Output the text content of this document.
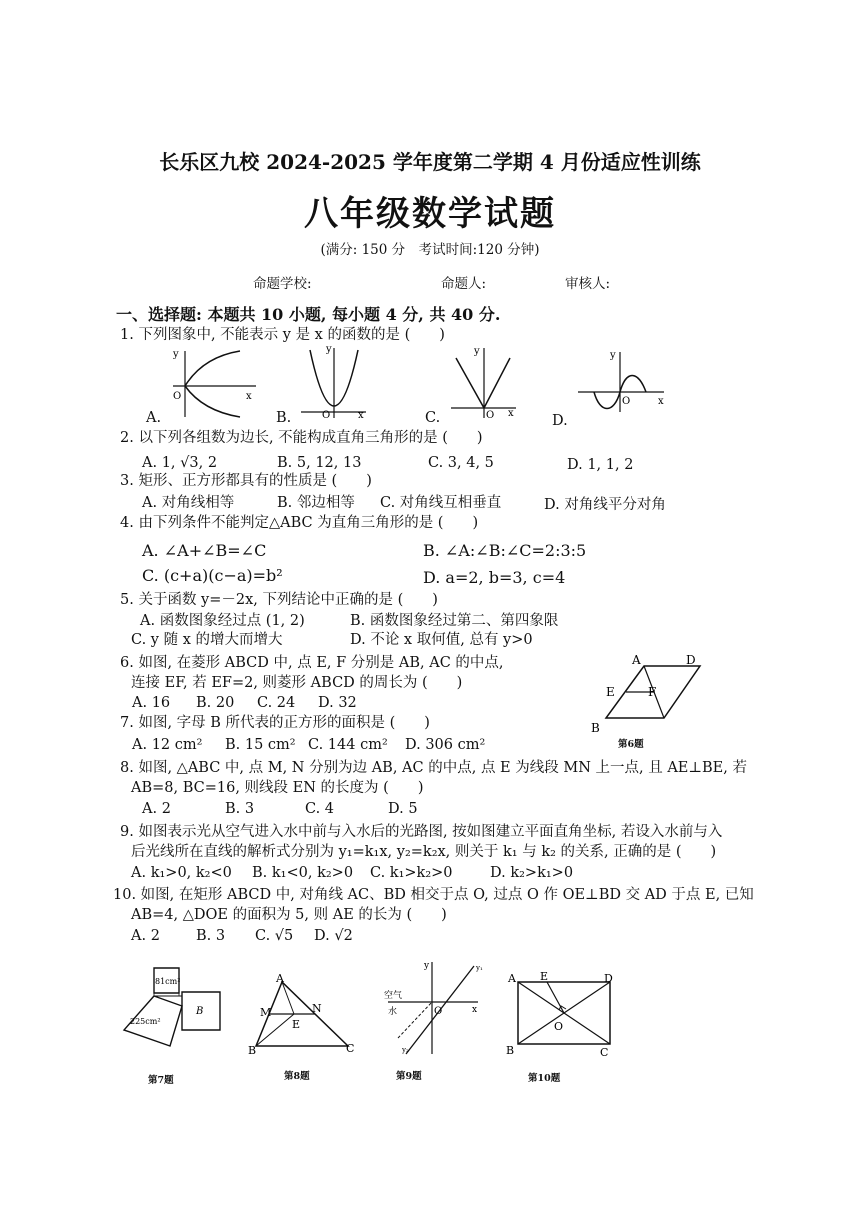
长乐区九校 2024-2025 学年度第二学期 4 月份适应性训练
八年级数学试题
(满分: 150 分　考试时间:120 分钟)
命题学校:	命题人:	审核人:
一、选择题: 本题共 10 小题, 每小题 4 分, 共 40 分.
1. 下列图象中, 不能表示 y 是 x 的函数的是 (　　)
A.	B.	C.	D.
y
x
O
y
x
O
y
x
O
y
x
O
2. 以下列各组数为边长, 不能构成直角三角形的是 (　　)
A. 1, √3, 2	B. 5, 12, 13	C. 3, 4, 5	D. 1, 1, 2
3. 矩形、正方形都具有的性质是 (　　)
A. 对角线相等	B. 邻边相等 C. 对角线互相垂直	D. 对角线平分对角
4. 由下列条件不能判定△ABC 为直角三角形的是 (　　)
A. ∠A+∠B=∠C	B. ∠A:∠B:∠C=2:3:5
C. (c+a)(c−a)=b²	D. a=2, b=3, c=4
5. 关于函数 y=－2x, 下列结论中正确的是 (　　)
A. 函数图象经过点 (1, 2)	B. 函数图象经过第二、第四象限
C. y 随 x 的增大而增大	D. 不论 x 取何值, 总有 y>0
6. 如图, 在菱形 ABCD 中, 点 E, F 分别是 AB, AC 的中点,
连接 EF, 若 EF=2, 则菱形 ABCD 的周长为 (　　)
A. 16 B. 20 C. 24 D. 32
A	D
E	F
B
第6题
7. 如图, 字母 B 所代表的正方形的面积是 (　　)
A. 12 cm² B. 15 cm² C. 144 cm² D. 306 cm²
8. 如图, △ABC 中, 点 M, N 分别为边 AB, AC 的中点, 点 E 为线段 MN 上一点, 且 AE⊥BE, 若
AB=8, BC=16, 则线段 EN 的长度为 (　　)
A. 2	B. 3	C. 4	D. 5
9. 如图表示光从空气进入水中前与入水后的光路图, 按如图建立平面直角坐标, 若设入水前与入
后光线所在直线的解析式分别为 y₁=k₁x, y₂=k₂x, 则关于 k₁ 与 k₂ 的关系, 正确的是 (　　)
A. k₁>0, k₂<0 B. k₁<0, k₂>0 C. k₁>k₂>0	D. k₂>k₁>0
10. 如图, 在矩形 ABCD 中, 对角线 AC、BD 相交于点 O, 过点 O 作 OE⊥BD 交 AD 于点 E, 已知
AB=4, △DOE 的面积为 5, 则 AE 的长为 (　　)
A. 2 B. 3 C. √5 D. √2
81cm²
225cm²
B
第7题
A
M	N
E
B	C
第8题
y
x
O
y₁
y₂
空气
水
第9题
A E	D
O
B	C
第10题
